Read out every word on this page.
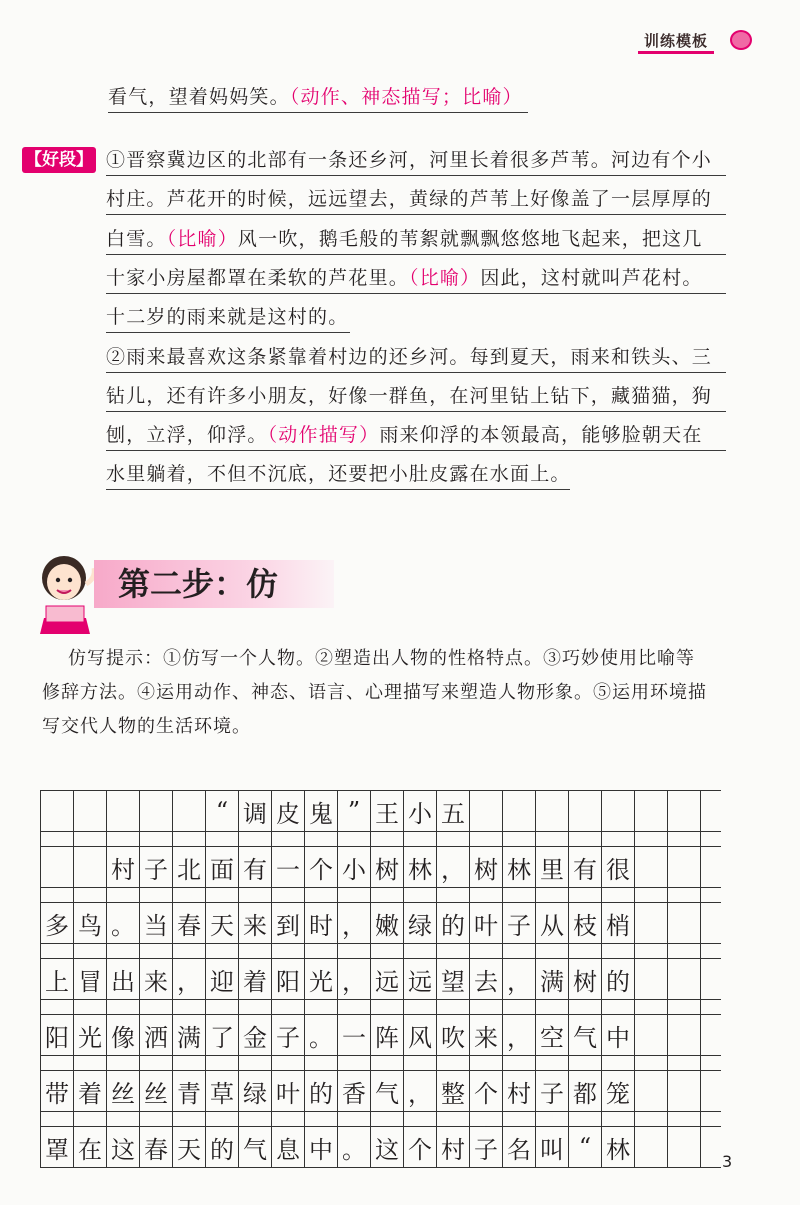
训练模板
【好段】
看气，望着妈妈笑。（动作、神态描写；比喻）
①晋察冀边区的北部有一条还乡河，河里长着很多芦苇。河边有个小
村庄。芦花开的时候，远远望去，黄绿的芦苇上好像盖了一层厚厚的
白雪。（比喻）风一吹，鹅毛般的苇絮就飘飘悠悠地飞起来，把这几
十家小房屋都罩在柔软的芦花里。（比喻）因此，这村就叫芦花村。
十二岁的雨来就是这村的。
②雨来最喜欢这条紧靠着村边的还乡河。每到夏天，雨来和铁头、三
钻儿，还有许多小朋友，好像一群鱼，在河里钻上钻下，藏猫猫，狗
刨，立浮，仰浮。（动作描写）雨来仰浮的本领最高，能够脸朝天在
水里躺着，不但不沉底，还要把小肚皮露在水面上。
第二步：仿
仿写提示：①仿写一个人物。②塑造出人物的性格特点。③巧妙使用比喻等
修辞方法。④运用动作、神态、语言、心理描写来塑造人物形象。⑤运用环境描
写交代人物的生活环境。
“ 调 皮 鬼 ” 王 小 五
村 子 北 面 有 一 个 小 树 林 ， 树 林 里 有 很
多 鸟 。 当 春 天 来 到 时 ， 嫩 绿 的 叶 子 从 枝 梢
上 冒 出 来 ， 迎 着 阳 光 ， 远 远 望 去 ， 满 树 的
阳 光 像 洒 满 了 金 子 。 一 阵 风 吹 来 ， 空 气 中
带 着 丝 丝 青 草 绿 叶 的 香 气 ， 整 个 村 子 都 笼
罩 在 这 春 天 的 气 息 中 。 这 个 村 子 名 叫 “ 林	3
